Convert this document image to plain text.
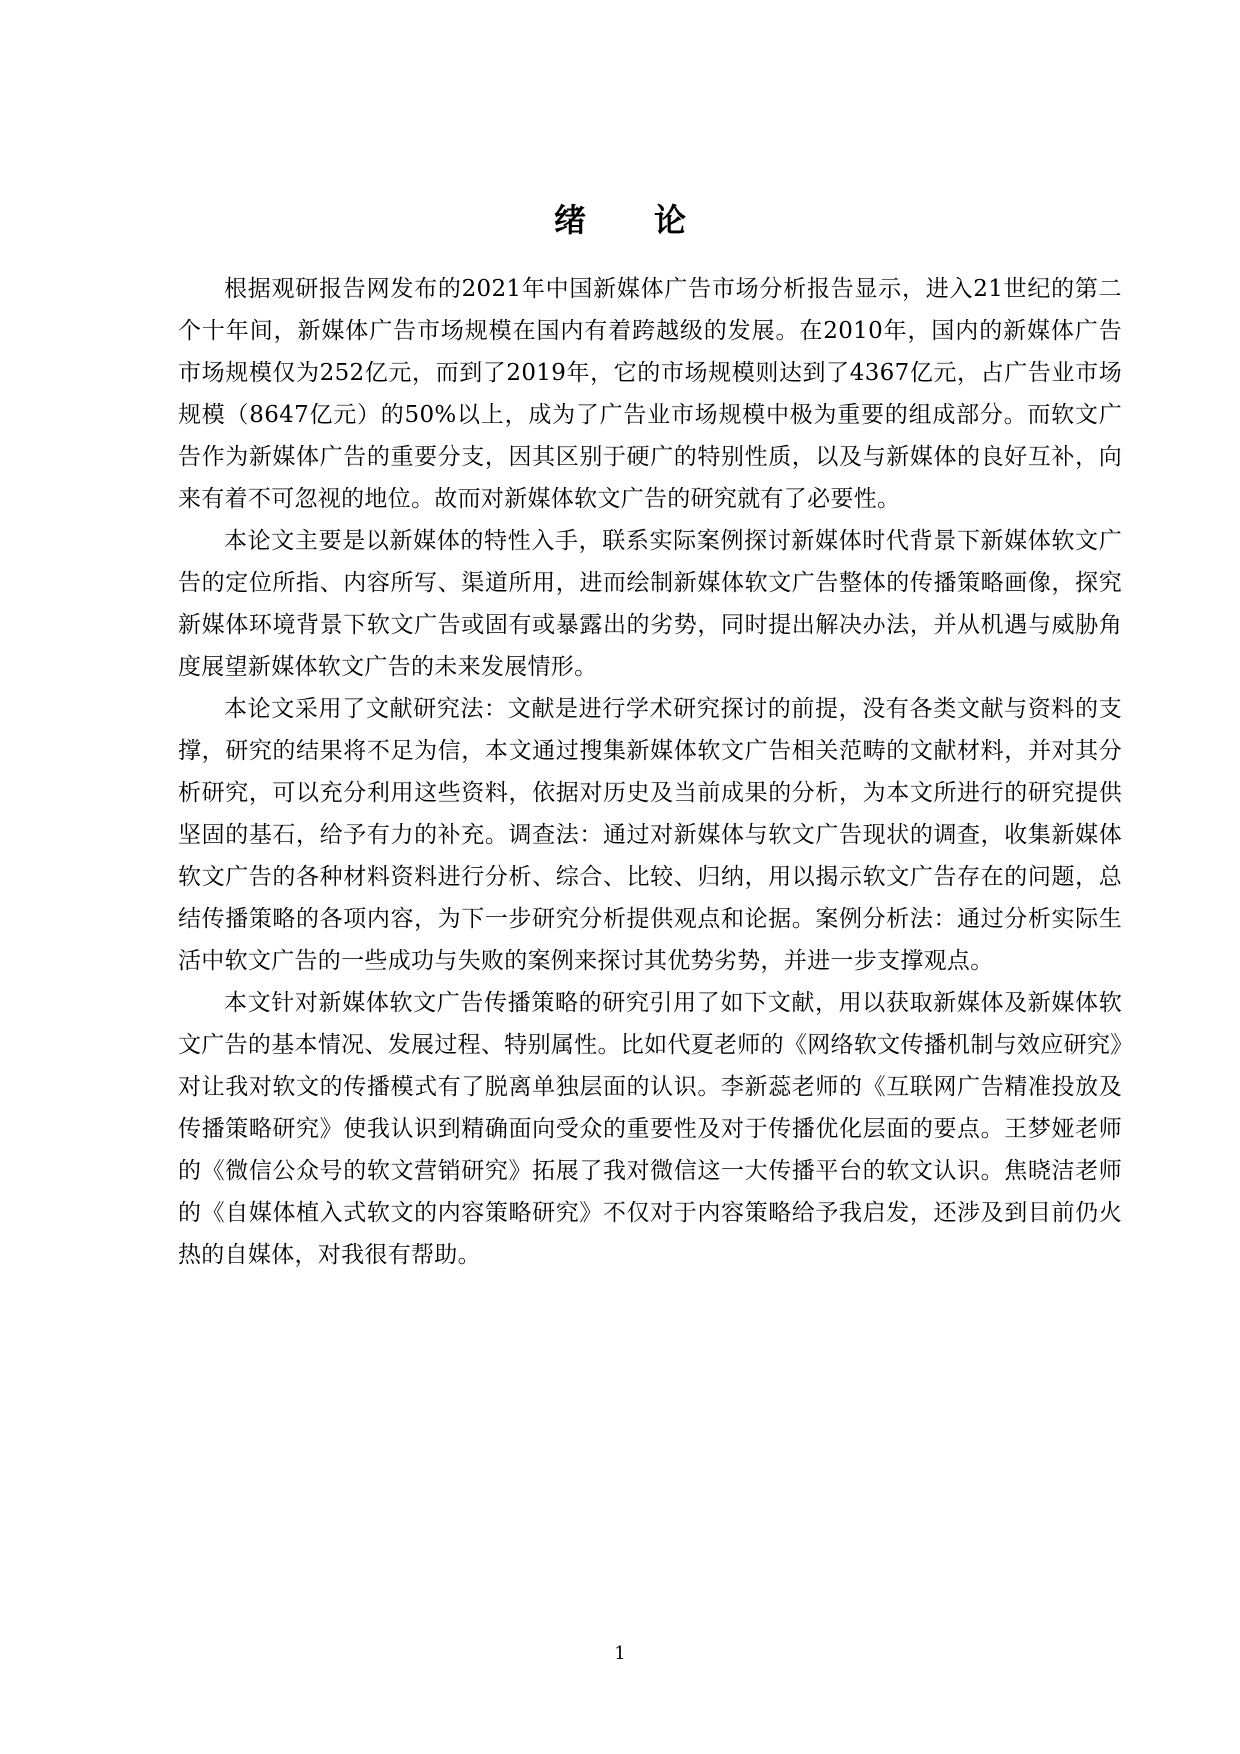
绪 论

根据观研报告网发布的2021年中国新媒体广告市场分析报告显示，进入21世纪的第二个十年间，新媒体广告市场规模在国内有着跨越级的发展。在2010年，国内的新媒体广告市场规模仅为252亿元，而到了2019年，它的市场规模则达到了4367亿元，占广告业市场规模（8647亿元）的50%以上，成为了广告业市场规模中极为重要的组成部分。而软文广告作为新媒体广告的重要分支，因其区别于硬广的特别性质，以及与新媒体的良好互补，向来有着不可忽视的地位。故而对新媒体软文广告的研究就有了必要性。

本论文主要是以新媒体的特性入手，联系实际案例探讨新媒体时代背景下新媒体软文广告的定位所指、内容所写、渠道所用，进而绘制新媒体软文广告整体的传播策略画像，探究新媒体环境背景下软文广告或固有或暴露出的劣势，同时提出解决办法，并从机遇与威胁角度展望新媒体软文广告的未来发展情形。

本论文采用了文献研究法：文献是进行学术研究探讨的前提，没有各类文献与资料的支撑，研究的结果将不足为信，本文通过搜集新媒体软文广告相关范畴的文献材料，并对其分析研究，可以充分利用这些资料，依据对历史及当前成果的分析，为本文所进行的研究提供坚固的基石，给予有力的补充。调查法：通过对新媒体与软文广告现状的调查，收集新媒体软文广告的各种材料资料进行分析、综合、比较、归纳，用以揭示软文广告存在的问题，总结传播策略的各项内容，为下一步研究分析提供观点和论据。案例分析法：通过分析实际生活中软文广告的一些成功与失败的案例来探讨其优势劣势，并进一步支撑观点。

本文针对新媒体软文广告传播策略的研究引用了如下文献，用以获取新媒体及新媒体软文广告的基本情况、发展过程、特别属性。比如代夏老师的《网络软文传播机制与效应研究》对让我对软文的传播模式有了脱离单独层面的认识。李新蕊老师的《互联网广告精准投放及传播策略研究》使我认识到精确面向受众的重要性及对于传播优化层面的要点。王梦娅老师的《微信公众号的软文营销研究》拓展了我对微信这一大传播平台的软文认识。焦晓洁老师的《自媒体植入式软文的内容策略研究》不仅对于内容策略给予我启发，还涉及到目前仍火热的自媒体，对我很有帮助。

1
